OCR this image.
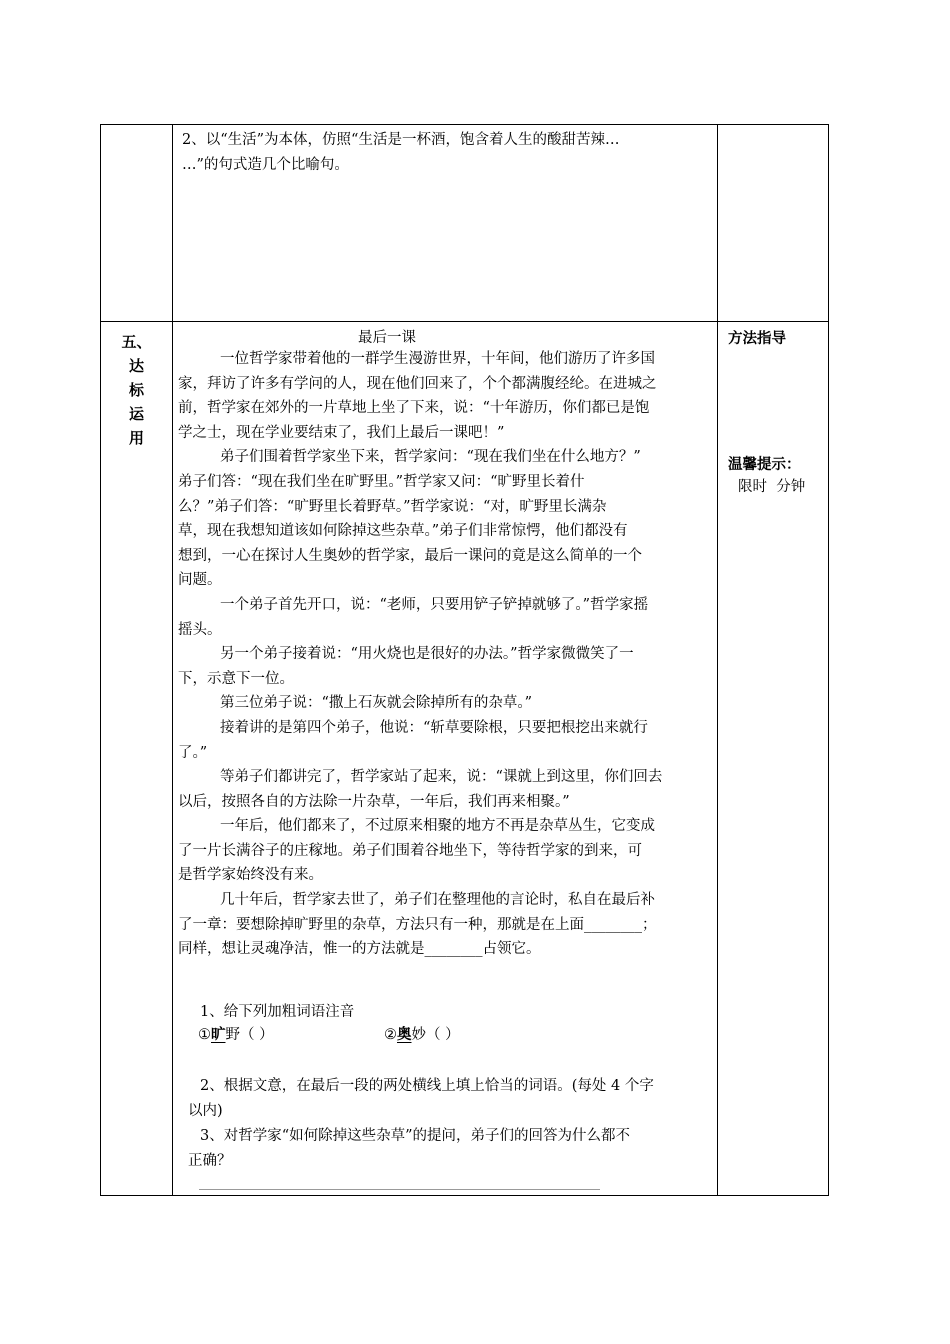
2、以“生活”为本体，仿照“生活是一杯酒，饱含着人生的酸甜苦辣…
…”的句式造几个比喻句。
五、
达
标
运
用
最后一课
一位哲学家带着他的一群学生漫游世界，十年间，他们游历了许多国
家，拜访了许多有学问的人，现在他们回来了，个个都满腹经纶。在进城之
前，哲学家在郊外的一片草地上坐了下来，说：“十年游历，你们都已是饱
学之士，现在学业要结束了，我们上最后一课吧！”
弟子们围着哲学家坐下来，哲学家问：“现在我们坐在什么地方？”
弟子们答：“现在我们坐在旷野里。”哲学家又问：“旷野里长着什
么？”弟子们答：“旷野里长着野草。”哲学家说：“对，旷野里长满杂
草，现在我想知道该如何除掉这些杂草。”弟子们非常惊愕，他们都没有
想到，一心在探讨人生奥妙的哲学家，最后一课问的竟是这么简单的一个
问题。
一个弟子首先开口，说：“老师，只要用铲子铲掉就够了。”哲学家摇
摇头。
另一个弟子接着说：“用火烧也是很好的办法。”哲学家微微笑了一
下，示意下一位。
第三位弟子说：“撒上石灰就会除掉所有的杂草。”
接着讲的是第四个弟子，他说：“斩草要除根，只要把根挖出来就行
了。”
等弟子们都讲完了，哲学家站了起来，说：“课就上到这里，你们回去
以后，按照各自的方法除一片杂草，一年后，我们再来相聚。”
一年后，他们都来了，不过原来相聚的地方不再是杂草丛生，它变成
了一片长满谷子的庄稼地。弟子们围着谷地坐下，等待哲学家的到来，可
是哲学家始终没有来。
几十年后，哲学家去世了，弟子们在整理他的言论时，私自在最后补
了一章：要想除掉旷野里的杂草，方法只有一种，那就是在上面________；
同样，想让灵魂净洁，惟一的方法就是________占领它。
1、给下列加粗词语注音
①旷野（ ）	②奥妙（ ）
2、根据文意，在最后一段的两处横线上填上恰当的词语。(每处 4 个字
以内)
3、对哲学家“如何除掉这些杂草”的提问，弟子们的回答为什么都不
正确？
方法指导
温馨提示：
限时  分钟
